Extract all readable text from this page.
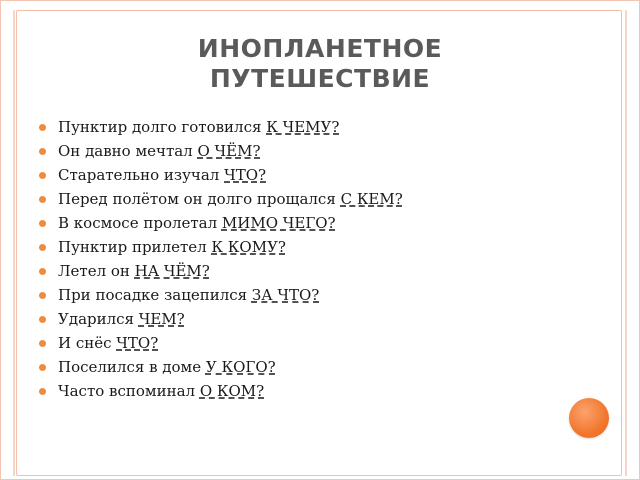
ИНОПЛАНЕТНОЕ
ПУТЕШЕСТВИЕ
Пунктир долго готовился К ЧЕМУ?
Он давно мечтал О ЧЁМ?
Старательно изучал ЧТО?
Перед полётом он долго прощался С КЕМ?
В космосе пролетал МИМО ЧЕГО?
Пунктир прилетел К КОМУ?
Летел он НА ЧЁМ?
При посадке зацепился ЗА ЧТО?
Ударился ЧЕМ?
И снёс ЧТО?
Поселился в доме У КОГО?
Часто вспоминал О КОМ?
